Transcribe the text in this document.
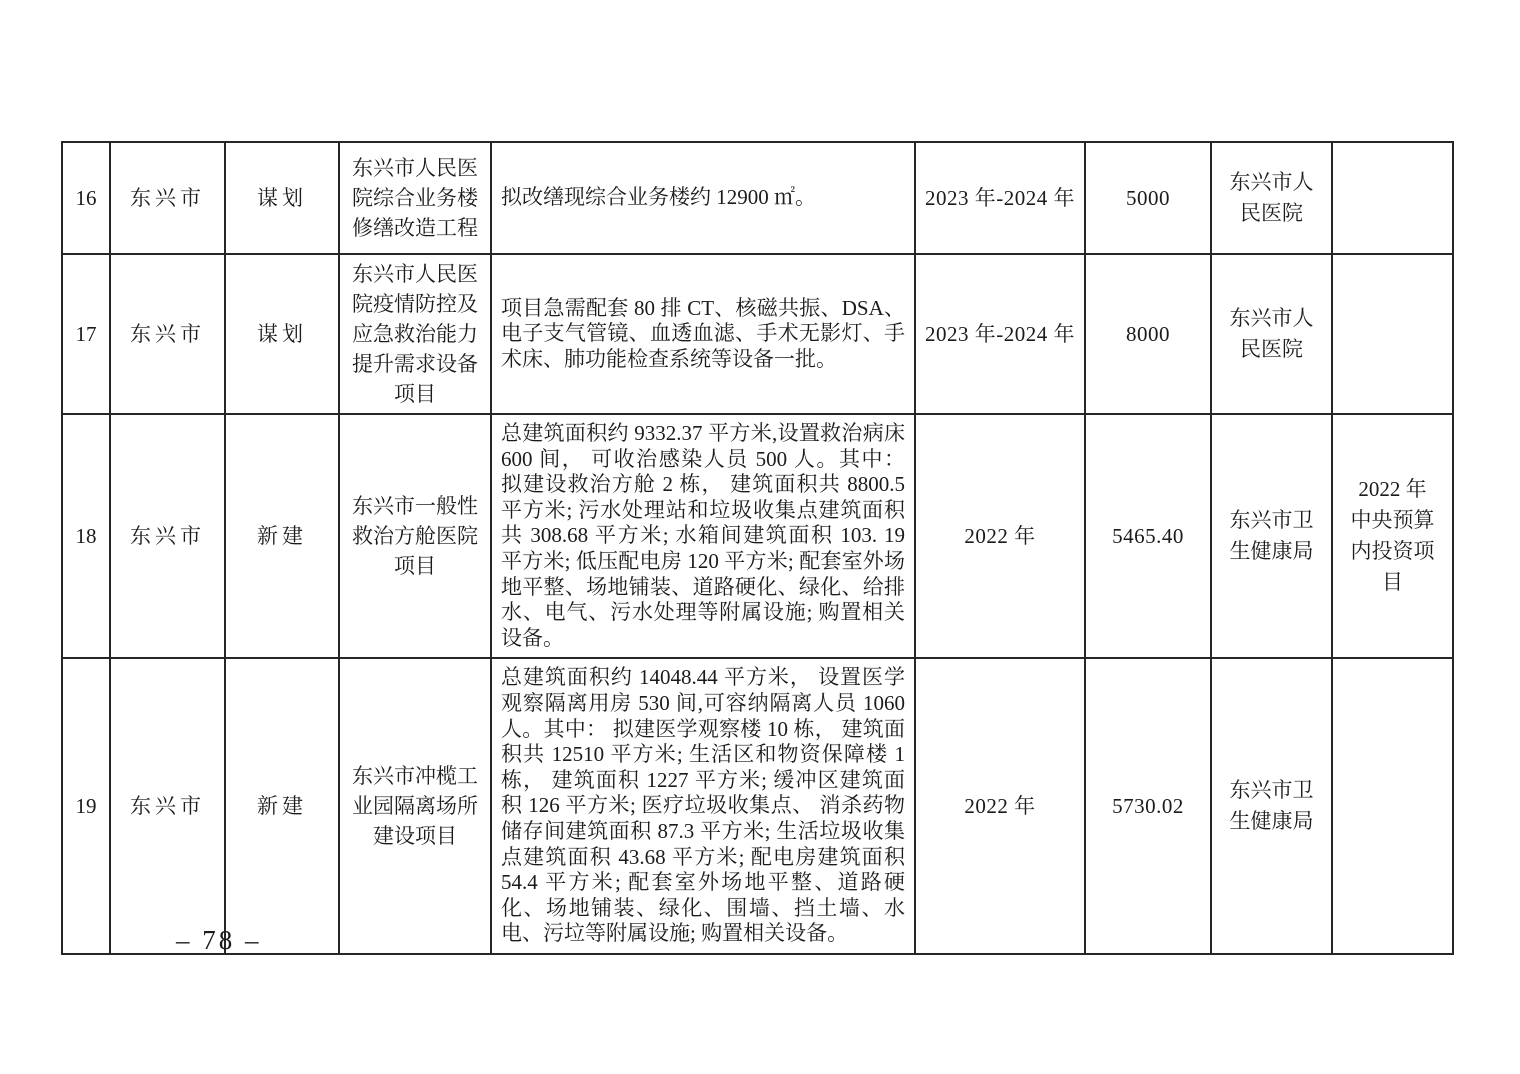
16	东兴市	谋划	东兴市人民医院综合业务楼修缮改造工程	拟改缮现综合业务楼约 12900 ㎡。	2023 年-2024 年	5000	东兴市人民医院	
17	东兴市	谋划	东兴市人民医院疫情防控及应急救治能力提升需求设备项目	项目急需配套 80 排 CT、核磁共振、DSA、电子支气管镜、血透血滤、手术无影灯、手术床、肺功能检查系统等设备一批。	2023 年-2024 年	8000	东兴市人民医院	
18	东兴市	新建	东兴市一般性救治方舱医院项目	总建筑面积约 9332.37 平方米,设置救治病床 600 间， 可收治感染人员 500 人。其中： 拟建设救治方舱 2 栋， 建筑面积共 8800.5 平方米; 污水处理站和垃圾收集点建筑面积共 308.68 平方米; 水箱间建筑面积 103. 19 平方米; 低压配电房 120 平方米; 配套室外场地平整、场地铺装、道路硬化、绿化、给排水、电气、污水处理等附属设施; 购置相关设备。	2022 年	5465.40	东兴市卫生健康局	2022 年中央预算内投资项目
19	东兴市	新建	东兴市冲榄工业园隔离场所建设项目	总建筑面积约 14048.44 平方米， 设置医学观察隔离用房 530 间,可容纳隔离人员 1060 人。其中： 拟建医学观察楼 10 栋， 建筑面积共 12510 平方米; 生活区和物资保障楼 1 栋， 建筑面积 1227 平方米; 缓冲区建筑面积 126 平方米; 医疗垃圾收集点、 消杀药物储存间建筑面积 87.3 平方米; 生活垃圾收集点建筑面积 43.68 平方米; 配电房建筑面积 54.4 平方米; 配套室外场地平整、道路硬化、场地铺装、绿化、围墙、挡土墙、水电、污垃等附属设施; 购置相关设备。	2022 年	5730.02	东兴市卫生健康局	
– 78 –
